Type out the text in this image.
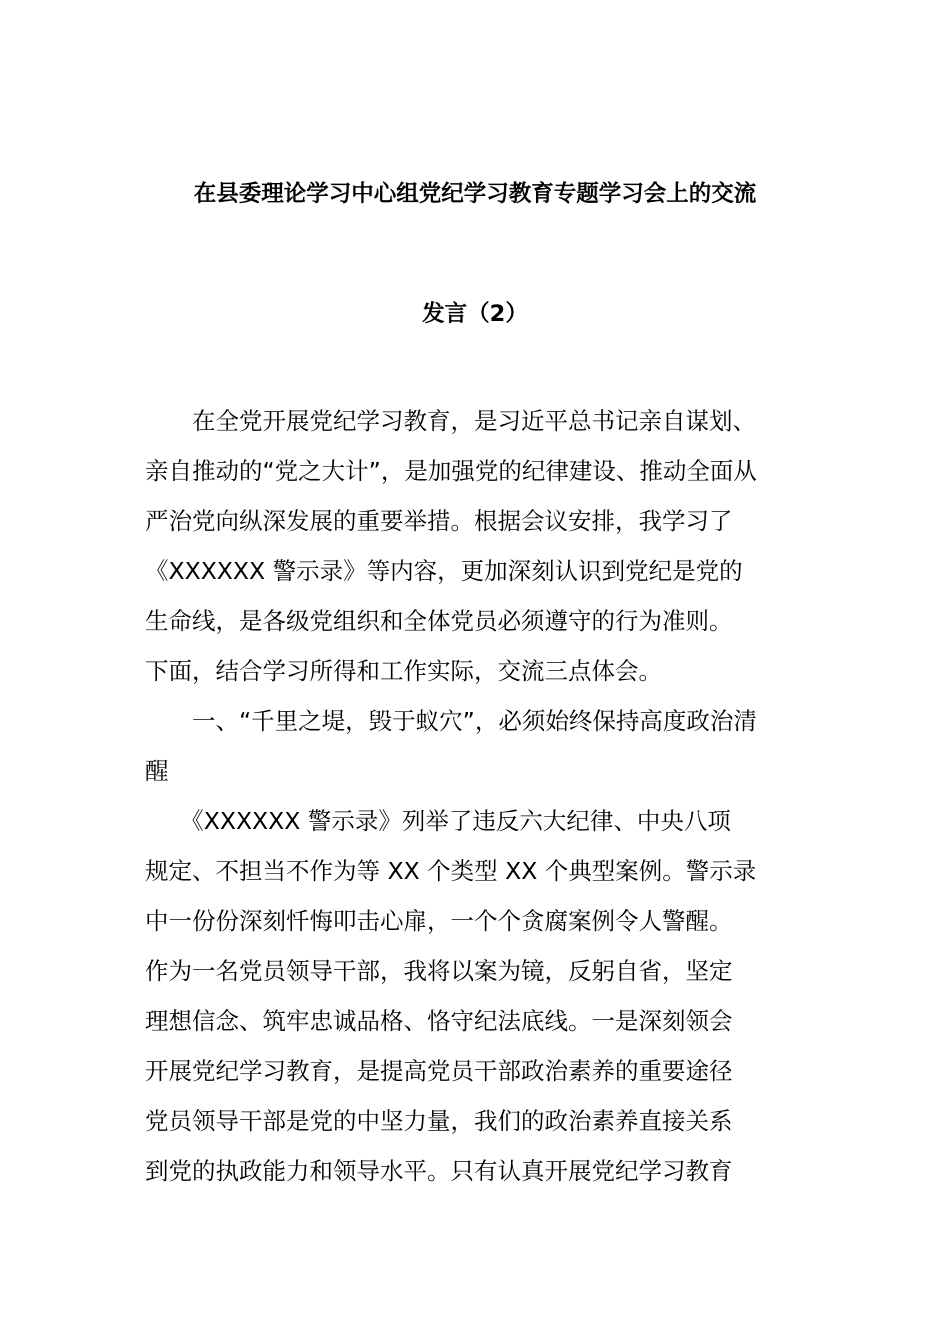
在县委理论学习中心组党纪学习教育专题学习会上的交流
发言（2）
　　在全党开展党纪学习教育，是习近平总书记亲自谋划、
亲自推动的“党之大计”，是加强党的纪律建设、推动全面从
严治党向纵深发展的重要举措。根据会议安排，我学习了
《XXXXXX 警示录》等内容，更加深刻认识到党纪是党的
生命线，是各级党组织和全体党员必须遵守的行为准则。
下面，结合学习所得和工作实际，交流三点体会。
　　一、“千里之堤，毁于蚁穴”，必须始终保持高度政治清
醒
　　《XXXXXX 警示录》列举了违反六大纪律、中央八项
规定、不担当不作为等 XX 个类型 XX 个典型案例。警示录
中一份份深刻忏悔叩击心扉，一个个贪腐案例令人警醒。
作为一名党员领导干部，我将以案为镜，反躬自省，坚定
理想信念、筑牢忠诚品格、恪守纪法底线。一是深刻领会
开展党纪学习教育，是提高党员干部政治素养的重要途径
党员领导干部是党的中坚力量，我们的政治素养直接关系
到党的执政能力和领导水平。只有认真开展党纪学习教育
